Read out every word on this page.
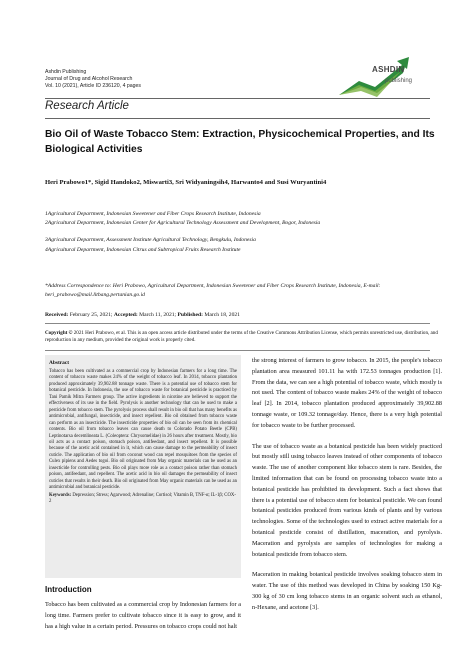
Ashdin Publishing
Journal of Drug and Alcohol Research
Vol. 10 (2021), Article ID 236120, 4 pages
ASHDIN
publishing
Research Article
Bio Oil of Waste Tobacco Stem: Extraction, Physicochemical Properties, and Its Biological Activities
Heri Prabowo1*, Sigid Handoko2, Miswarti3, Sri Widyaningsih4, Harwanto4 and Susi Wuryantini4
1Agricultural Department, Indonesian Sweetener and Fiber Crops Research Institute, Indonesia
2Agricultural Department, Indonesian Center for Agricultural Technology Assessment and Development, Bogor, Indonesia
3Agricultural Department, Assessment Institute Agricultural Technology, Bengkulu, Indonesia
4Agricultural Department, Indonesian Citrus and Subtropical Fruits Research Institute
*Address Correspondence to: Heri Prabowo, Agricultural Department, Indonesian Sweetener and Fiber Crops Research Institute, Indonesia, E-mail: heri_prabowo@mail.litbang.pertanian.go.id
Received: February 25, 2021; Accepted: March 11, 2021; Published: March 18, 2021
Copyright © 2021 Heri Prabowo, et al. This is an open access article distributed under the terms of the Creative Commons Attribution License, which permits unrestricted use, distribution, and reproduction in any medium, provided the original work is properly cited.
Abstract
Tobacco has been cultivated as a commercial crop by Indonesian farmers for a long time. The content of tobacco waste makes 24% of the weight of tobacco leaf. In 2014, tobacco plantation produced approximately 39,902.88 tonnage waste. There is a potential use of tobacco stem for botanical pesticide. In Indonesia, the use of tobacco waste for botanical pesticide is practiced by Tani Pamik Mitra Farmers group. The active ingredients in nicotine are believed to support the effectiveness of its use in the field. Pyrolysis is another technology that can be used to make a pesticide from tobacco stem. The pyrolysis process shall result in bio oil that has many benefits as antimicrobial, antifungal, insecticide, and insect repellent. Bio oil obtained from tobacco waste can perform as an insecticide. The insecticide properties of bio oil can be seen from its chemical contents. Bio oil from tobacco leaves can cause death to Colorado Potato Beetle (CPB) Leptinotarsa decemlineata L. (Coleoptera: Chrysomelidae) in 26 hours after treatment. Mostly, bio oil acts as a contact poison, stomach poison, antifeedant, and insect repellent. It is possible because of the acetic acid contained in it, which can cause damage to the permeability of insect cuticle. The application of bio oil from coconut wood can repel mosquitoes from the species of Culex pipiens and Aedes togoi. Bio oil originated from May organic materials can be used as an insecticide for controlling pests. Bio oil plays more role as a contact poison rather than stomach poison, antifeedant, and repellent. The acetic acid in bio oil damages the permeability of insect cuticles that results in their death. Bio oil originated from May organic materials can be used as an antimicrobial and botanical pesticide.
Keywords: Depression; Stress; Agarwood; Adrenaline; Cortisol; Vitamin B, TNF-α; IL-1β; COX-2
Introduction
Tobacco has been cultivated as a commercial crop by Indonesian farmers for a long time. Farmers prefer to cultivate tobacco since it is easy to grow, and it has a high value in a certain period. Pressures on tobacco crops could not halt

the strong interest of farmers to grow tobacco. In 2015, the people's tobacco plantation area measured 101.11 ha with 172.53 tonnages production [1]. From the data, we can see a high potential of tobacco waste, which mostly is not used. The content of tobacco waste makes 24% of the weight of tobacco leaf [2]. In 2014, tobacco plantation produced approximately 39,902.88 tonnage waste, or 109.32 tonnage/day. Hence, there is a very high potential for tobacco waste to be further processed.

The use of tobacco waste as a botanical pesticide has been widely practiced but mostly still using tobacco leaves instead of other components of tobacco waste. The use of another component like tobacco stem is rare. Besides, the limited information that can be found on processing tobacco waste into a botanical pesticide has prohibited its development. Such a fact shows that there is a potential use of tobacco stem for botanical pesticide. We can found botanical pesticides produced from various kinds of plants and by various technologies. Some of the technologies used to extract active materials for a botanical pesticide consist of distillation, maceration, and pyrolysis. Maceration and pyrolysis are samples of technologies for making a botanical pesticide from tobacco stem.

Maceration in making botanical pesticide involves soaking tobacco stem in water. The use of this method was developed in China by soaking 150 Kg-300 kg of 30 cm long tobacco stems in an organic solvent such as ethanol, n-Hexane, and acetone [3].
